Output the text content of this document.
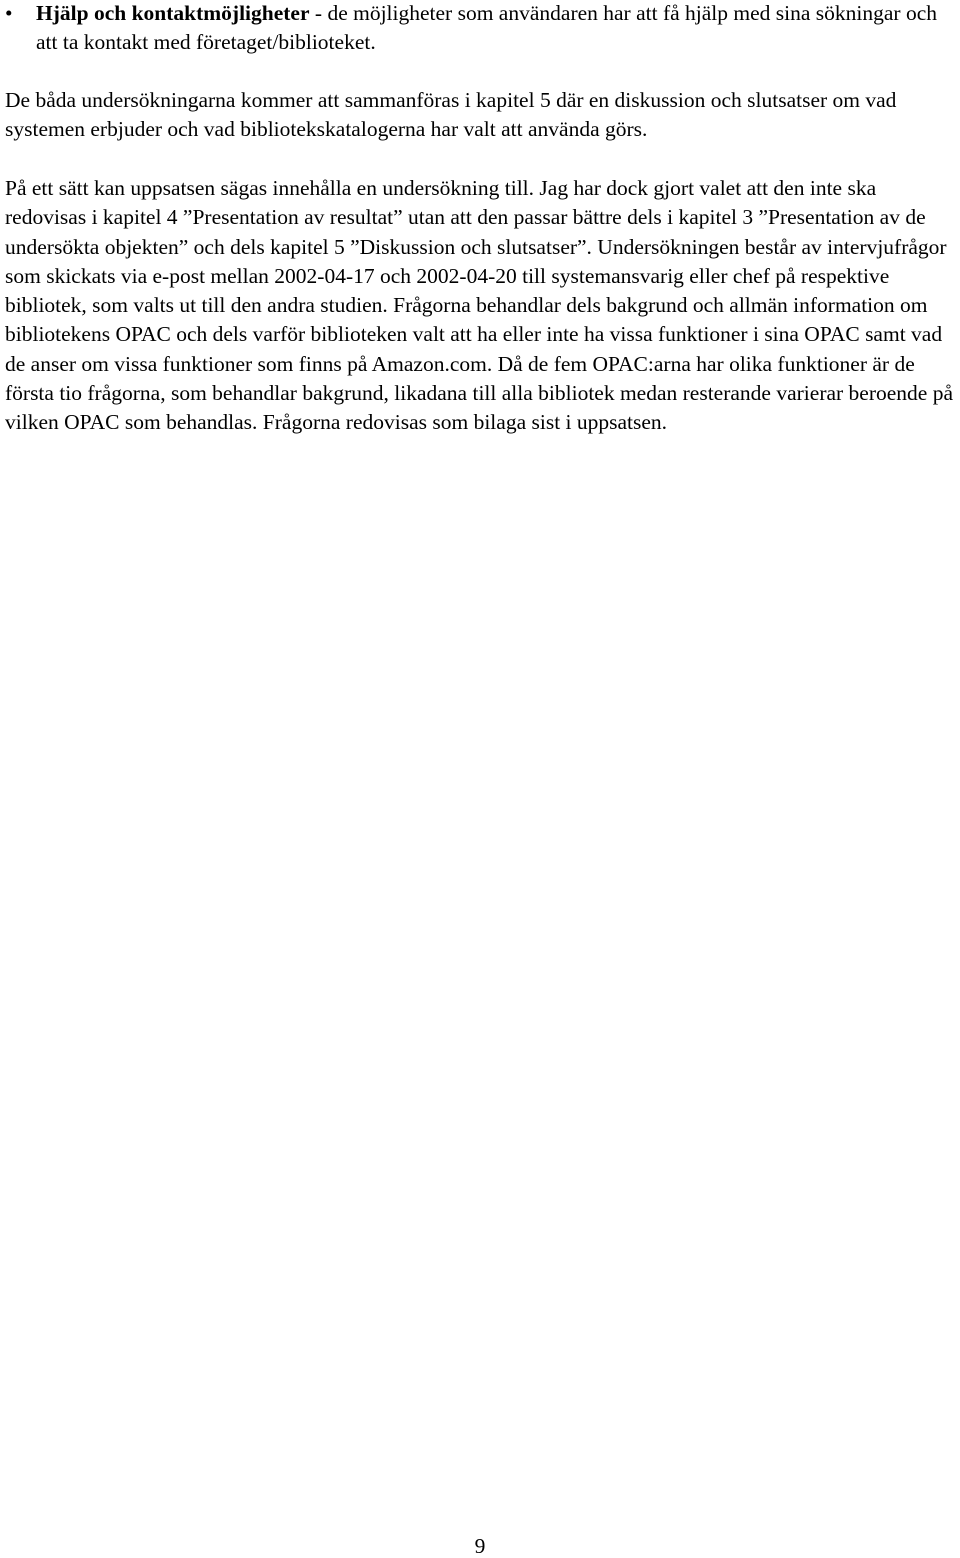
•	Hjälp och kontaktmöjligheter - de möjligheter som användaren har att få hjälp med sina sökningar och att ta kontakt med företaget/biblioteket.

De båda undersökningarna kommer att sammanföras i kapitel 5 där en diskussion och slutsatser om vad systemen erbjuder och vad bibliotekskatalogerna har valt att använda görs.

På ett sätt kan uppsatsen sägas innehålla en undersökning till. Jag har dock gjort valet att den inte ska redovisas i kapitel 4 ”Presentation av resultat” utan att den passar bättre dels i kapitel 3 ”Presentation av de undersökta objekten” och dels kapitel 5 ”Diskussion och slutsatser”. Undersökningen består av intervjufrågor som skickats via e-post mellan 2002-04-17 och 2002-04-20 till systemansvarig eller chef på respektive bibliotek, som valts ut till den andra studien. Frågorna behandlar dels bakgrund och allmän information om bibliotekens OPAC och dels varför biblioteken valt att ha eller inte ha vissa funktioner i sina OPAC samt vad de anser om vissa funktioner som finns på Amazon.com. Då de fem OPAC:arna har olika funktioner är de första tio frågorna, som behandlar bakgrund, likadana till alla bibliotek medan resterande varierar beroende på vilken OPAC som behandlas. Frågorna redovisas som bilaga sist i uppsatsen.

9
